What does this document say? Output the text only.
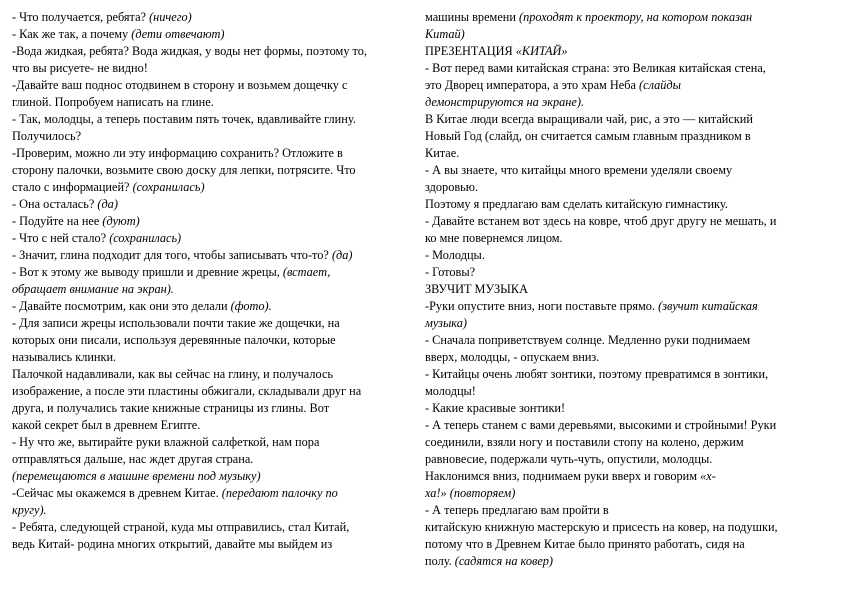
- Что получается, ребята? (ничего)
- Как же так, а почему (дети отвечают)
-Вода жидкая, ребята? Вода жидкая, у воды нет формы, поэтому то,
что вы рисуете- не видно!
-Давайте ваш поднос отодвинем в сторону и возьмем дощечку с
глиной. Попробуем написать на глине.
- Так, молодцы, а теперь поставим пять точек, вдавливайте глину.
Получилось?
-Проверим, можно ли эту информацию сохранить? Отложите в
сторону палочки, возьмите свою доску для лепки, потрясите. Что
стало с информацией? (сохранилась)
- Она осталась? (да)
- Подуйте на нее (дуют)
- Что с ней стало? (сохранилась)
- Значит, глина подходит для того, чтобы записывать что-то? (да)
- Вот к этому же выводу пришли и древние жрецы, (встает,
обращает внимание на экран).
- Давайте посмотрим, как они это делали (фото).
- Для записи жрецы использовали почти такие же дощечки, на
которых они писали, используя деревянные палочки, которые
назывались клинки.
Палочкой надавливали, как вы сейчас на глину, и получалось
изображение, а после эти пластины обжигали, складывали друг на
друга, и получались такие книжные страницы из глины. Вот
какой секрет был в древнем Египте.
- Ну что же, вытирайте руки влажной салфеткой, нам пора
отправляться дальше, нас ждет другая страна.
(перемещаются в машине времени под музыку)
-Сейчас мы окажемся в древнем Китае. (передают палочку по
кругу).
- Ребята, следующей страной, куда мы отправились, стал Китай,
ведь Китай- родина многих открытий, давайте мы выйдем из
машины времени (проходят к проектору, на котором показан
Китай)
ПРЕЗЕНТАЦИЯ «КИТАЙ»
- Вот перед вами китайская страна: это Великая китайская стена,
это Дворец императора, а это храм Неба (слайды
демонстрируются на экране).
В Китае люди всегда выращивали чай, рис, а это — китайский
Новый Год (слайд, он считается самым главным праздником в
Китае.
- А вы знаете, что китайцы много времени уделяли своему
здоровью.
Поэтому я предлагаю вам сделать китайскую гимнастику.
- Давайте встанем вот здесь на ковре, чтоб друг другу не мешать, и
ко мне повернемся лицом.
- Молодцы.
- Готовы?
ЗВУЧИТ МУЗЫКА
-Руки опустите вниз, ноги поставьте прямо. (звучит китайская
музыка)
- Сначала поприветствуем солнце. Медленно руки поднимаем
вверх, молодцы, - опускаем вниз.
- Китайцы очень любят зонтики, поэтому превратимся в зонтики,
молодцы!
- Какие красивые зонтики!
- А теперь станем с вами деревьями, высокими и стройными! Руки
соединили, взяли ногу и поставили стопу на колено, держим
равновесие, подержали чуть-чуть, опустили, молодцы.
Наклонимся вниз, поднимаем руки вверх и говорим «х-
ха!» (повторяем)
- А теперь предлагаю вам пройти в
китайскую книжную мастерскую и присесть на ковер, на подушки,
потому что в Древнем Китае было принято работать, сидя на
полу. (садятся на ковер)
